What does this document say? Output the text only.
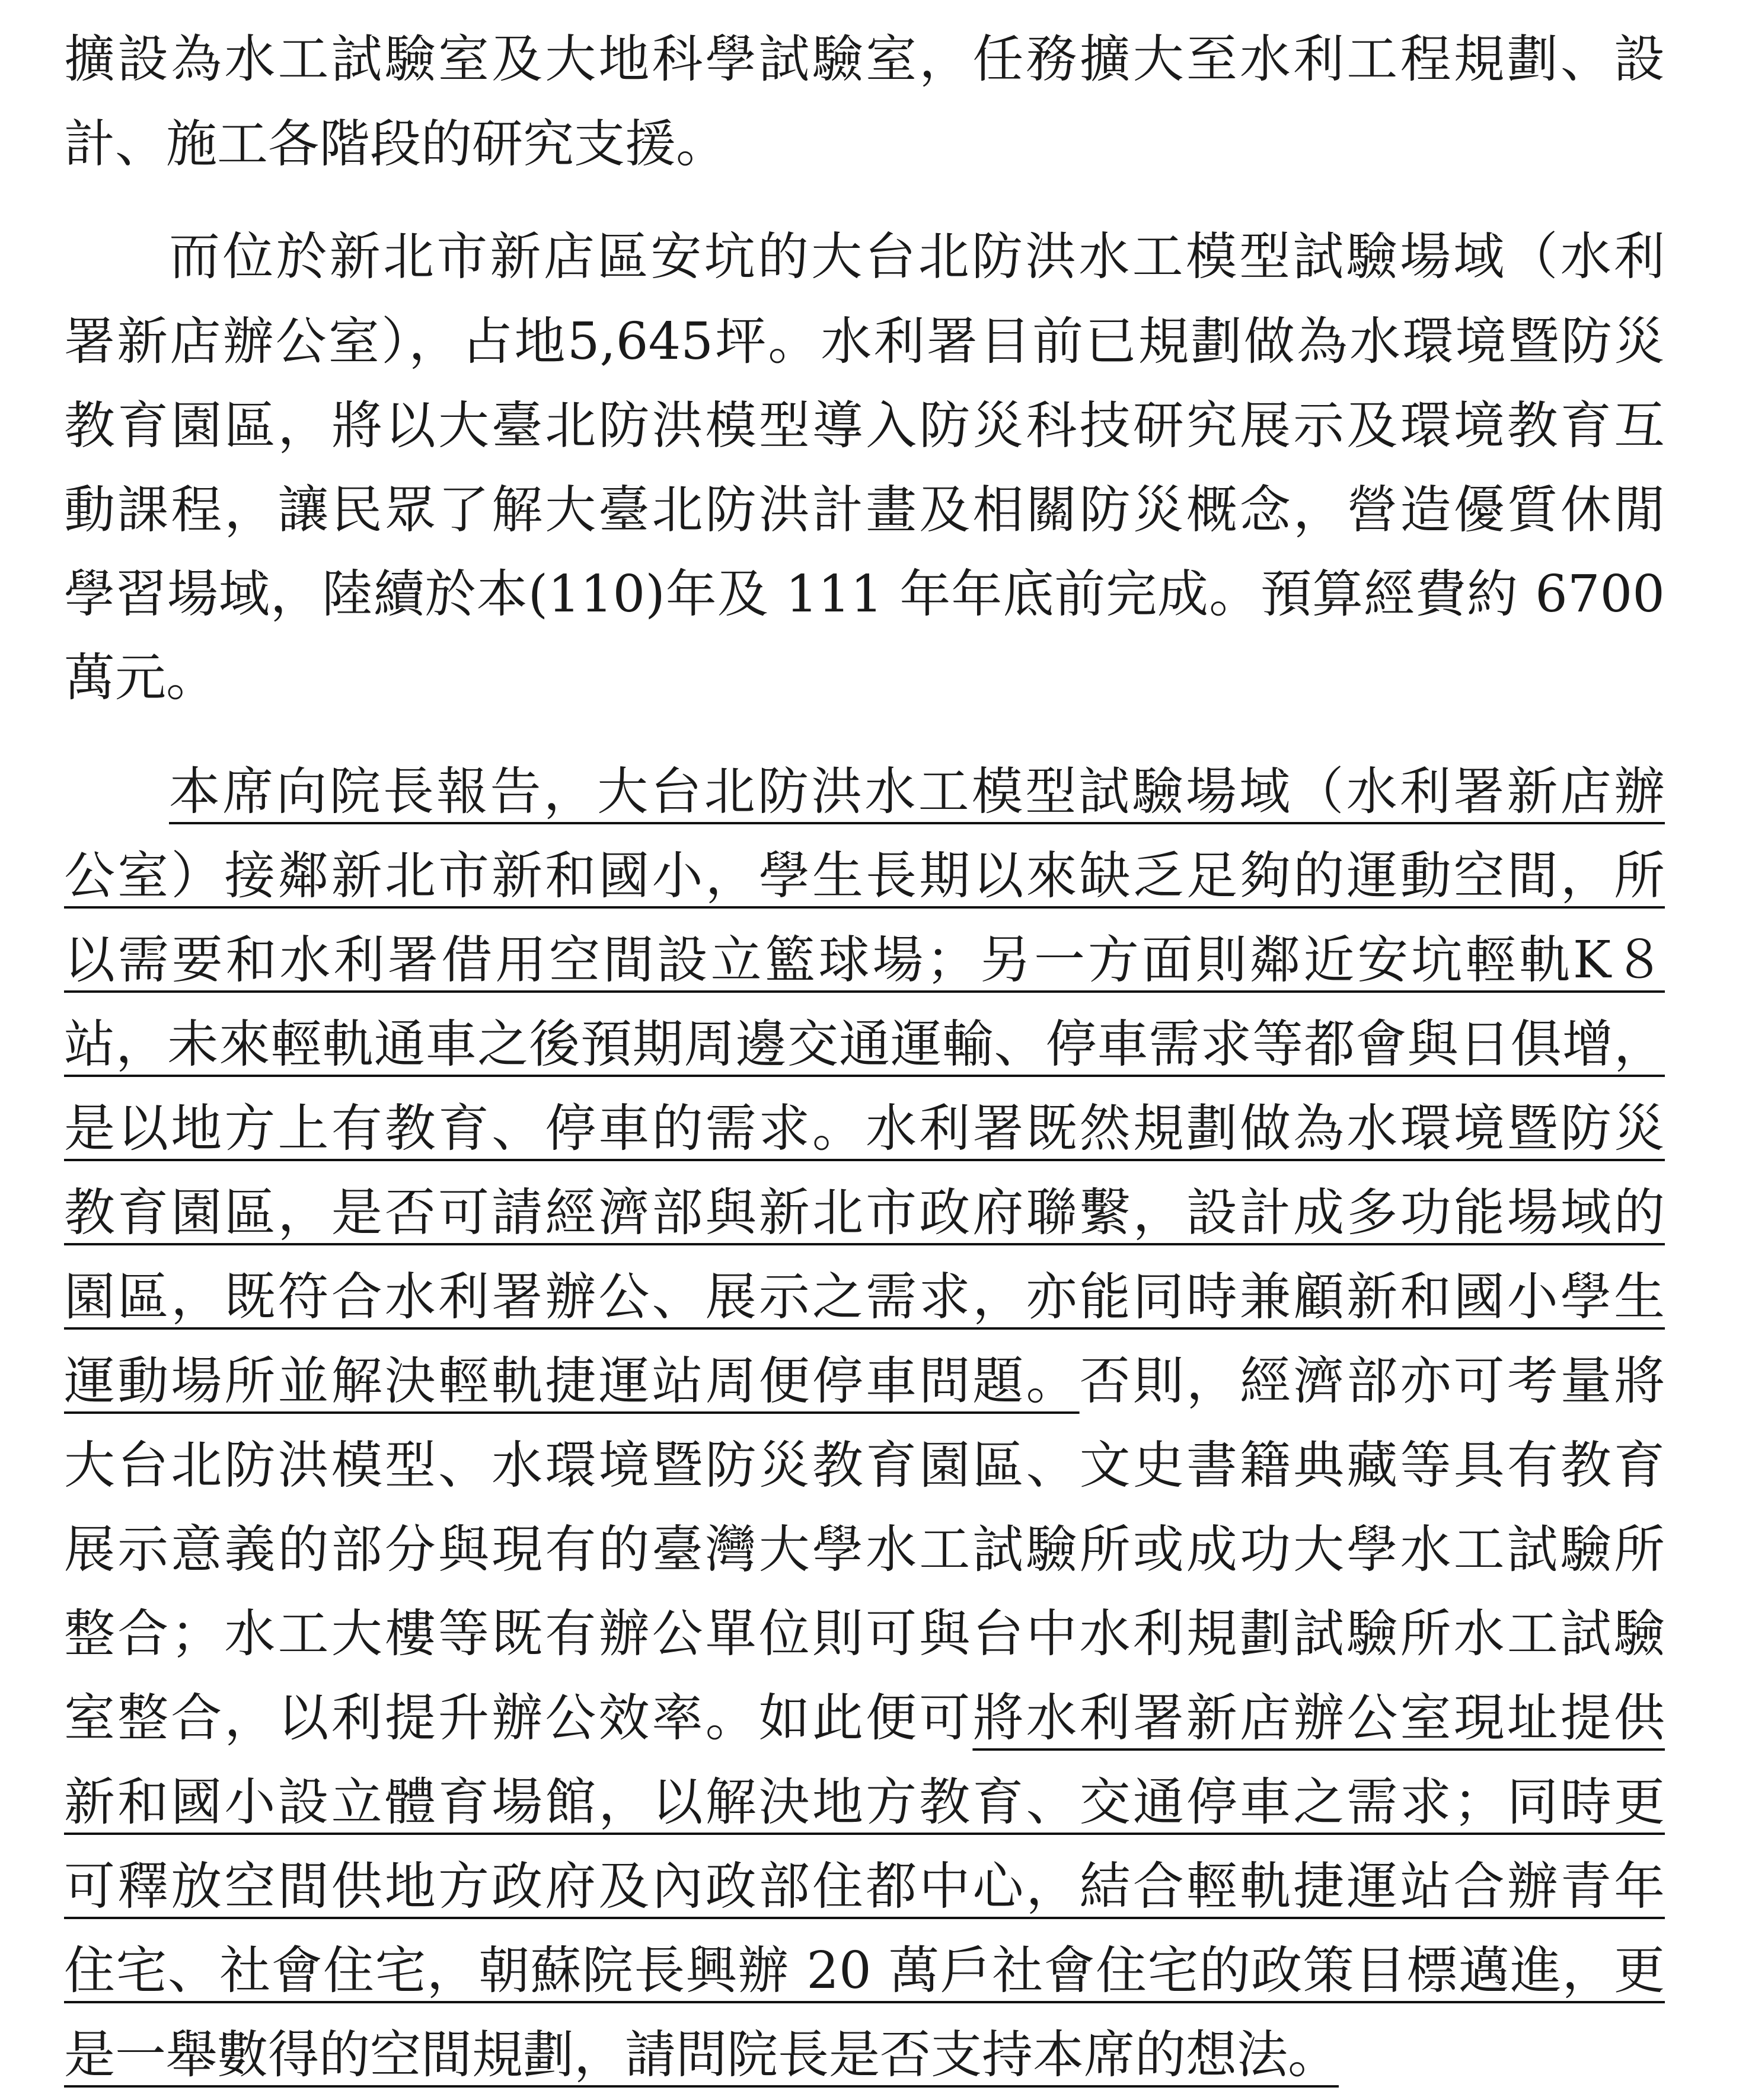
擴設為水工試驗室及大地科學試驗室，任務擴大至水利工程規劃、設
計、施工各階段的研究支援。
而位於新北市新店區安坑的大台北防洪水工模型試驗場域（水利
署新店辦公室），占地5,645坪。水利署目前已規劃做為水環境暨防災
教育園區，將以大臺北防洪模型導入防災科技研究展示及環境教育互
動課程，讓民眾了解大臺北防洪計畫及相關防災概念，營造優質休閒
學習場域，陸續於本(110)年及 111 年年底前完成。預算經費約 6700
萬元。
本席向院長報告，大台北防洪水工模型試驗場域（水利署新店辦
公室）接鄰新北市新和國小，學生長期以來缺乏足夠的運動空間，所
以需要和水利署借用空間設立籃球場；另一方面則鄰近安坑輕軌K８
站，未來輕軌通車之後預期周邊交通運輸、停車需求等都會與日俱增，
是以地方上有教育、停車的需求。水利署既然規劃做為水環境暨防災
教育園區，是否可請經濟部與新北市政府聯繫，設計成多功能場域的
園區，既符合水利署辦公、展示之需求，亦能同時兼顧新和國小學生
運動場所並解決輕軌捷運站周便停車問題。否則，經濟部亦可考量將
大台北防洪模型、水環境暨防災教育園區、文史書籍典藏等具有教育
展示意義的部分與現有的臺灣大學水工試驗所或成功大學水工試驗所
整合；水工大樓等既有辦公單位則可與台中水利規劃試驗所水工試驗
室整合，以利提升辦公效率。如此便可將水利署新店辦公室現址提供
新和國小設立體育場館，以解決地方教育、交通停車之需求；同時更
可釋放空間供地方政府及內政部住都中心，結合輕軌捷運站合辦青年
住宅、社會住宅，朝蘇院長興辦 20 萬戶社會住宅的政策目標邁進，更
是一舉數得的空間規劃，請問院長是否支持本席的想法。
